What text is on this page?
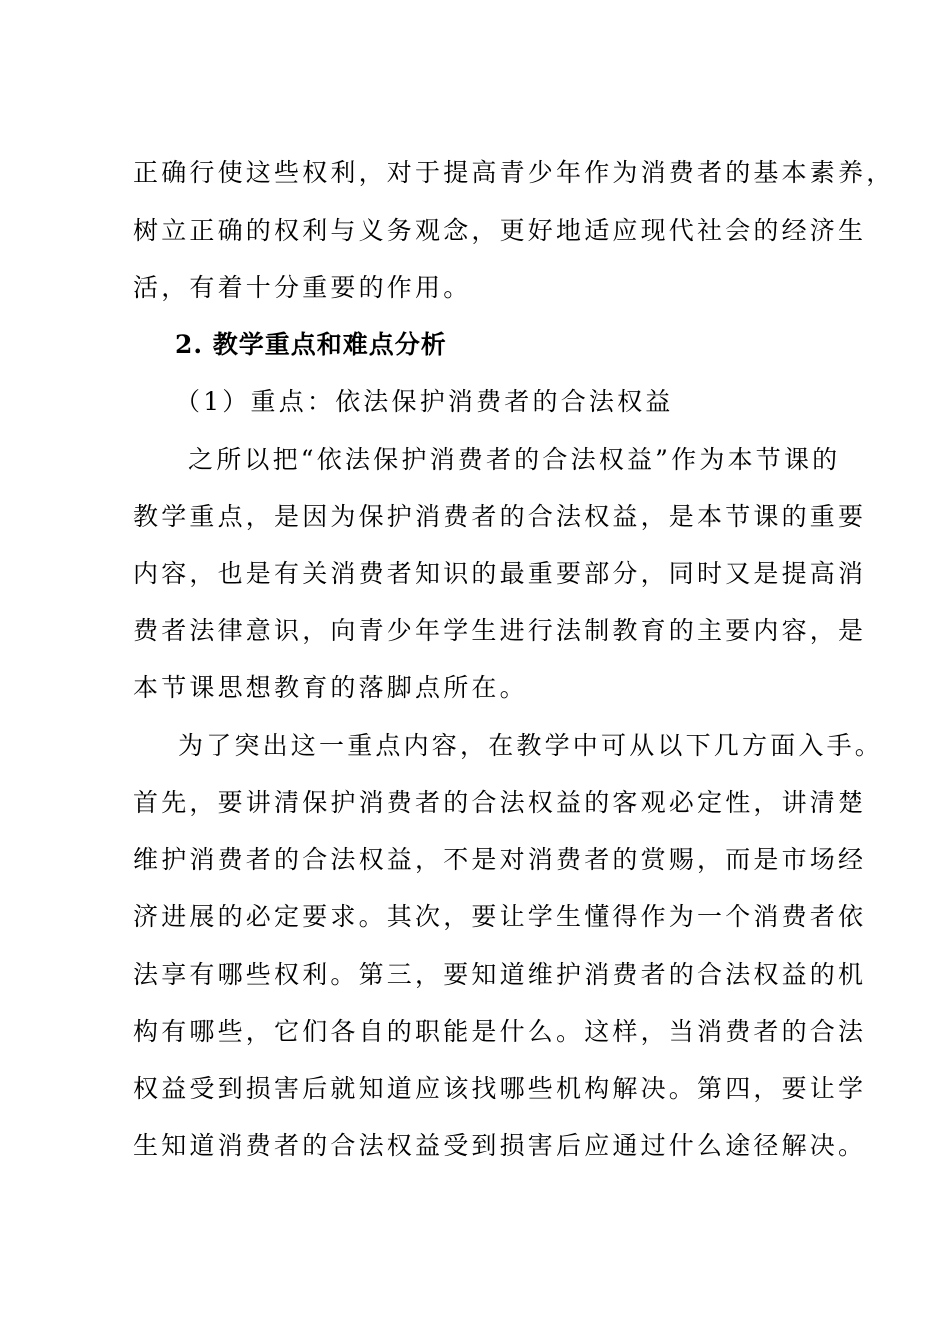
正确行使这些权利，对于提高青少年作为消费者的基本素养，
树立正确的权利与义务观念，更好地适应现代社会的经济生
活，有着十分重要的作用。
2. 教学重点和难点分析
（1）重点：依法保护消费者的合法权益
之所以把“依法保护消费者的合法权益”作为本节课的
教学重点，是因为保护消费者的合法权益，是本节课的重要
内容，也是有关消费者知识的最重要部分，同时又是提高消
费者法律意识，向青少年学生进行法制教育的主要内容，是
本节课思想教育的落脚点所在。
为了突出这一重点内容，在教学中可从以下几方面入手。
首先，要讲清保护消费者的合法权益的客观必定性，讲清楚
维护消费者的合法权益，不是对消费者的赏赐，而是市场经
济进展的必定要求。其次，要让学生懂得作为一个消费者依
法享有哪些权利。第三，要知道维护消费者的合法权益的机
构有哪些，它们各自的职能是什么。这样，当消费者的合法
权益受到损害后就知道应该找哪些机构解决。第四，要让学
生知道消费者的合法权益受到损害后应通过什么途径解决。
